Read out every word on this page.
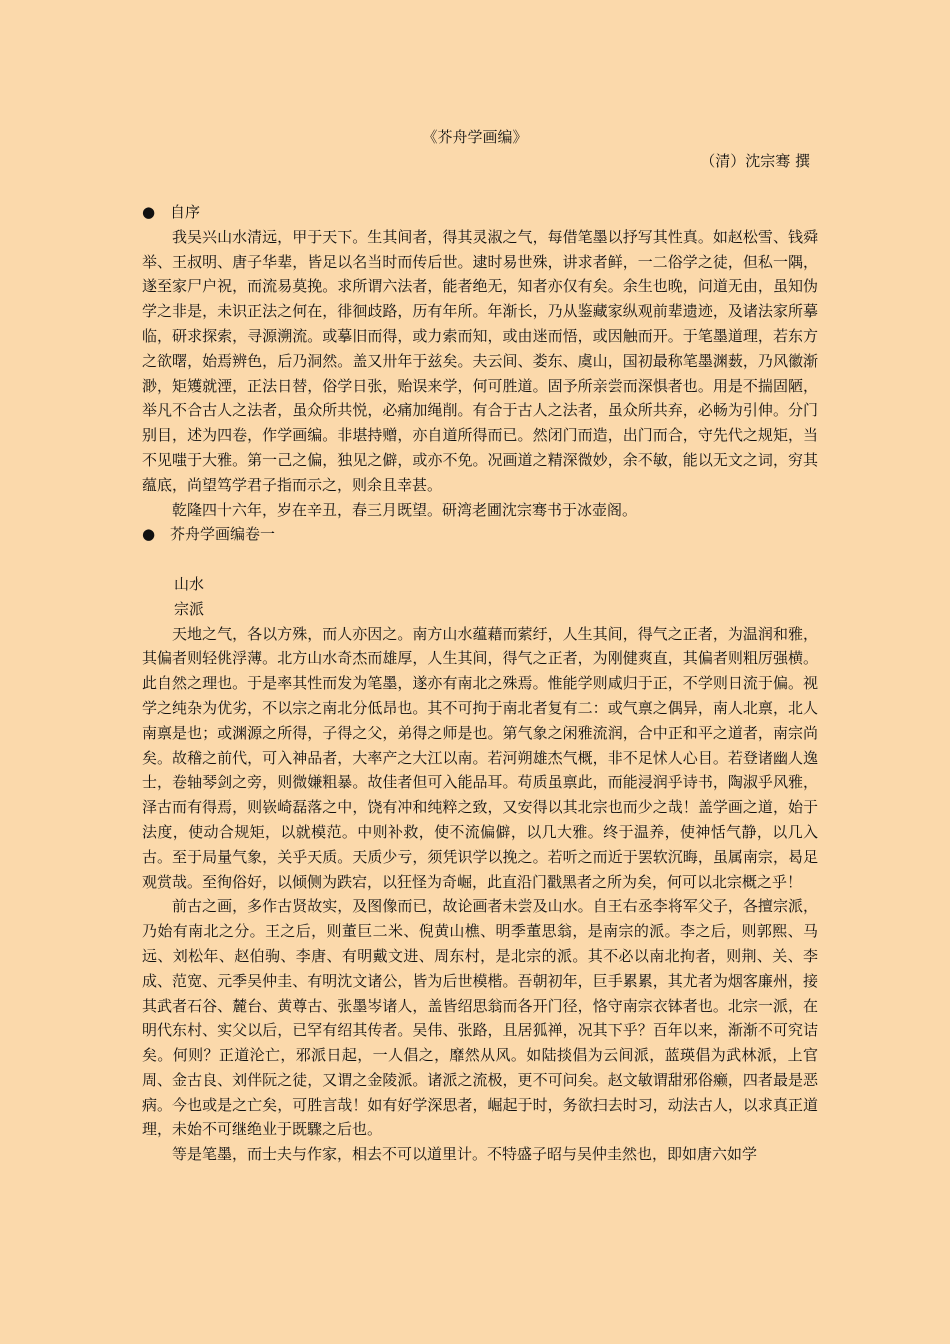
《芥舟学画编》
（清）沈宗骞 撰
● 自序

我吴兴山水清远，甲于天下。生其间者，得其灵淑之气，每借笔墨以抒写其性真。如赵松雪、钱舜举、王叔明、唐子华辈，皆足以名当时而传后世。逮时易世殊，讲求者鲜，一二俗学之徒，但私一隅，遂至家尸户祝，而流易莫挽。求所谓六法者，能者绝无，知者亦仅有矣。余生也晚，问道无由，虽知伪学之非是，未识正法之何在，徘徊歧路，历有年所。年渐长，乃从鉴藏家纵观前辈遗迹，及诸法家所摹临，研求探索，寻源溯流。或摹旧而得，或力索而知，或由迷而悟，或因触而开。于笔墨道理，若东方之欲曙，始焉辨色，后乃洞然。盖又卅年于兹矣。夫云间、娄东、虞山，国初最称笔墨渊薮，乃风徽渐渺，矩矱就湮，正法日替，俗学日张，贻误来学，何可胜道。固予所亲尝而深惧者也。用是不揣固陋，举凡不合古人之法者，虽众所共悦，必痛加绳削。有合于古人之法者，虽众所共弃，必畅为引伸。分门别目，述为四卷，作学画编。非堪持赠，亦自道所得而已。然闭门而造，出门而合，守先代之规矩，当不见嗤于大雅。第一己之偏，独见之僻，或亦不免。况画道之精深微妙，余不敏，能以无文之词，穷其蕴底，尚望笃学君子指而示之，则余且幸甚。

乾隆四十六年，岁在辛丑，春三月既望。研湾老圃沈宗骞书于冰壶阁。

● 芥舟学画编卷一
山水
宗派

天地之气，各以方殊，而人亦因之。南方山水蕴藉而萦纡，人生其间，得气之正者，为温润和雅，其偏者则轻佻浮薄。北方山水奇杰而雄厚，人生其间，得气之正者，为刚健爽直，其偏者则粗厉强横。此自然之理也。于是率其性而发为笔墨，遂亦有南北之殊焉。惟能学则咸归于正，不学则日流于偏。视学之纯杂为优劣，不以宗之南北分低昂也。其不可拘于南北者复有二：或气禀之偶异，南人北禀，北人南禀是也；或渊源之所得，子得之父，弟得之师是也。第气象之闲雅流润，合中正和平之道者，南宗尚矣。故稽之前代，可入神品者，大率产之大江以南。若河朔雄杰气概，非不足怵人心目。若登诸幽人逸士，卷轴琴剑之旁，则微嫌粗暴。故佳者但可入能品耳。苟质虽禀此，而能浸润乎诗书，陶淑乎风雅，泽古而有得焉，则嵚崎磊落之中，饶有冲和纯粹之致，又安得以其北宗也而少之哉！盖学画之道，始于法度，使动合规矩，以就模范。中则补救，使不流偏僻，以几大雅。终于温养，使神恬气静，以几入古。至于局量气象，关乎天质。天质少亏，须凭识学以挽之。若听之而近于罢软沉晦，虽属南宗，曷足观赏哉。至徇俗好，以倾侧为跌宕，以狂怪为奇崛，此直沿门戳黑者之所为矣，何可以北宗概之乎！

前古之画，多作古贤故实，及图像而已，故论画者未尝及山水。自王右丞李将军父子，各擅宗派，乃始有南北之分。王之后，则董巨二米、倪黄山樵、明季董思翁，是南宗的派。李之后，则郭熙、马远、刘松年、赵伯驹、李唐、有明戴文进、周东村，是北宗的派。其不必以南北拘者，则荆、关、李成、范宽、元季吴仲圭、有明沈文诸公，皆为后世模楷。吾朝初年，巨手累累，其尤者为烟客廉州，接其武者石谷、麓台、黄尊古、张墨岑诸人，盖皆绍思翁而各开门径，恪守南宗衣钵者也。北宗一派，在明代东村、实父以后，已罕有绍其传者。吴伟、张路，且居狐禅，况其下乎？百年以来，渐渐不可究诘矣。何则？正道沦亡，邪派日起，一人倡之，靡然从风。如陆掞倡为云间派，蓝瑛倡为武林派，上官周、金古良、刘伴阮之徒，又谓之金陵派。诸派之流极，更不可问矣。赵文敏谓甜邪俗癞，四者最是恶病。今也或是之亡矣，可胜言哉！如有好学深思者，崛起于时，务欲扫去时习，动法古人，以求真正道理，未始不可继绝业于既驟之后也。

等是笔墨，而士夫与作家，相去不可以道里计。不特盛子昭与吴仲圭然也，即如唐六如学
